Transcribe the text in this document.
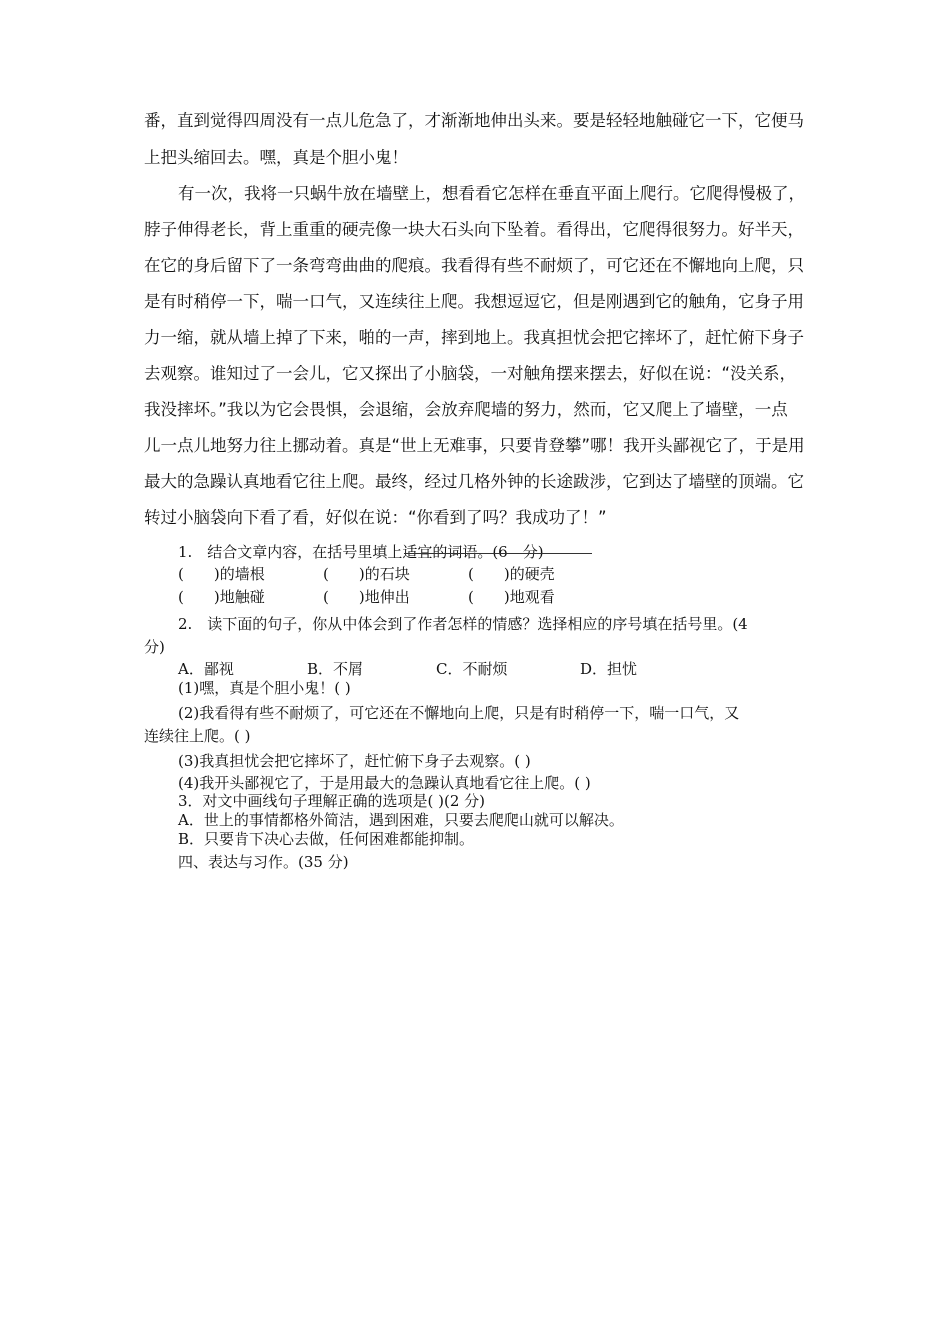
番，直到觉得四周没有一点儿危急了，才渐渐地伸出头来。要是轻轻地触碰它一下，它便马
上把头缩回去。嘿，真是个胆小鬼！
有一次，我将一只蜗牛放在墙壁上，想看看它怎样在垂直平面上爬行。它爬得慢极了，
脖子伸得老长，背上重重的硬壳像一块大石头向下坠着。看得出，它爬得很努力。好半天，
在它的身后留下了一条弯弯曲曲的爬痕。我看得有些不耐烦了，可它还在不懈地向上爬，只
是有时稍停一下，喘一口气，又连续往上爬。我想逗逗它，但是刚遇到它的触角，它身子用
力一缩，就从墙上掉了下来，啪的一声，摔到地上。我真担忧会把它摔坏了，赶忙俯下身子
去观察。谁知过了一会儿，它又探出了小脑袋，一对触角摆来摆去，好似在说：“没关系，
我没摔坏。”我以为它会畏惧，会退缩，会放弃爬墙的努力，然而，它又爬上了墙壁，一点
儿一点儿地努力往上挪动着。真是“世上无难事，只要肯登攀”哪！我开头鄙视它了，于是用
最大的急躁认真地看它往上爬。最终，经过几格外钟的长途跋涉，它到达了墙壁的顶端。它
转过小脑袋向下看了看，好似在说：“你看到了吗？我成功了！”
1.　结合文章内容，在括号里填上适宜的词语。(6　分)
(　　)的墙根	(　　)的石块	(　　)的硬壳
(　　)地触碰	(　　)地伸出	(　　)地观看
2.　读下面的句子，你从中体会到了作者怎样的情感？选择相应的序号填在括号里。(4
分)
A．鄙视	B．不屑	C．不耐烦	D．担忧
(1)嘿，真是个胆小鬼！( )
(2)我看得有些不耐烦了，可它还在不懈地向上爬，只是有时稍停一下，喘一口气，又
连续往上爬。( )
(3)我真担忧会把它摔坏了，赶忙俯下身子去观察。( )
(4)我开头鄙视它了，于是用最大的急躁认真地看它往上爬。( )
3．对文中画线句子理解正确的选项是( )(2 分)
A．世上的事情都格外简洁，遇到困难，只要去爬爬山就可以解决。
B．只要肯下决心去做，任何困难都能抑制。
四、表达与习作。(35 分)
